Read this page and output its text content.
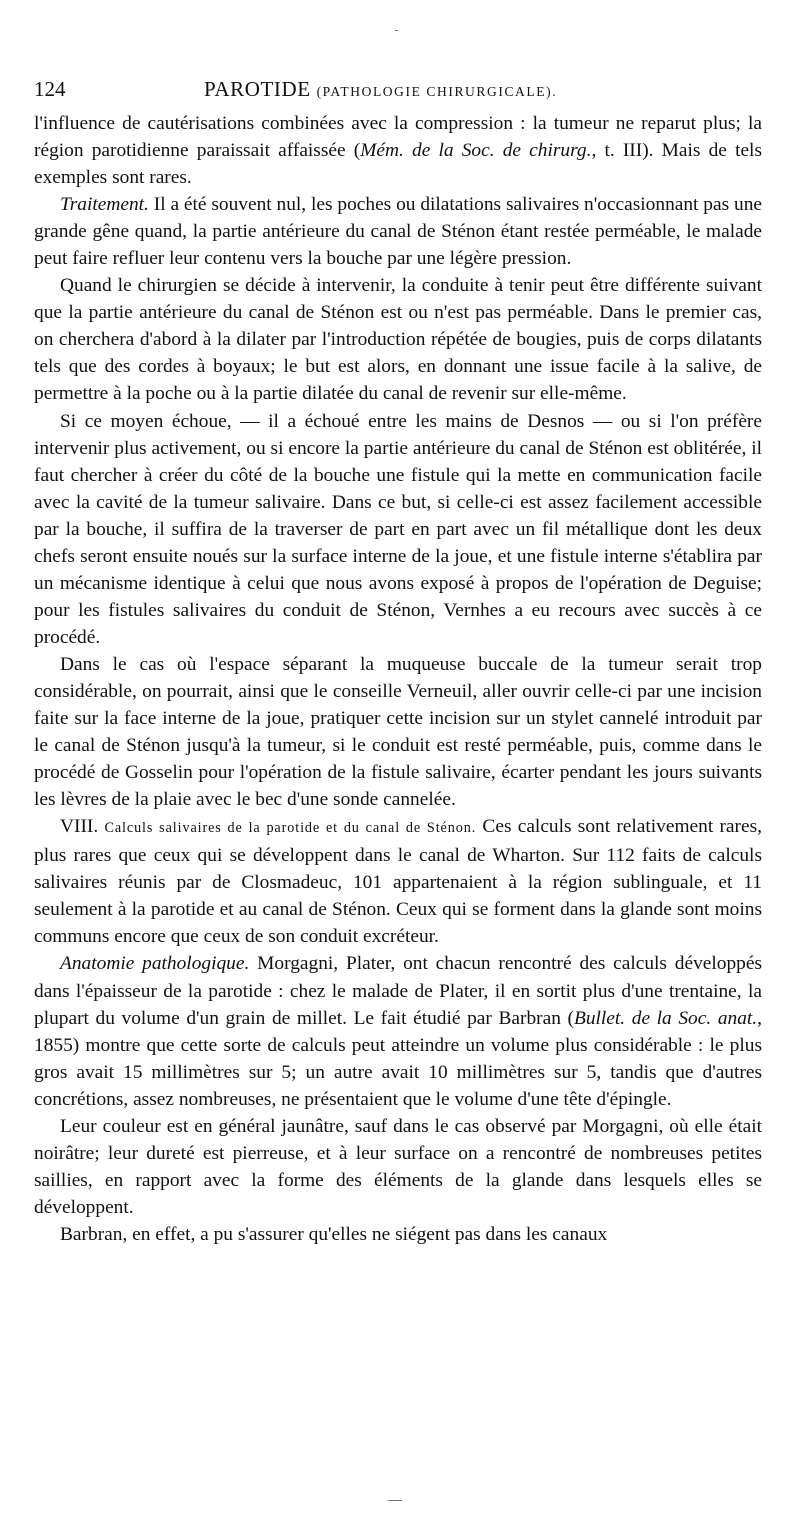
124	PAROTIDE (PATHOLOGIE CHIRURGICALE).

l'influence de cautérisations combinées avec la compression : la tumeur ne reparut plus; la région parotidienne paraissait affaissée (Mém. de la Soc. de chirurg., t. III). Mais de tels exemples sont rares.

Traitement. Il a été souvent nul, les poches ou dilatations salivaires n'occasionnant pas une grande gêne quand, la partie antérieure du canal de Sténon étant restée perméable, le malade peut faire refluer leur contenu vers la bouche par une légère pression.

Quand le chirurgien se décide à intervenir, la conduite à tenir peut être différente suivant que la partie antérieure du canal de Sténon est ou n'est pas perméable. Dans le premier cas, on cherchera d'abord à la dilater par l'introduction répétée de bougies, puis de corps dilatants tels que des cordes à boyaux; le but est alors, en donnant une issue facile à la salive, de permettre à la poche ou à la partie dilatée du canal de revenir sur elle-même.

Si ce moyen échoue, — il a échoué entre les mains de Desnos — ou si l'on préfère intervenir plus activement, ou si encore la partie antérieure du canal de Sténon est oblitérée, il faut chercher à créer du côté de la bouche une fistule qui la mette en communication facile avec la cavité de la tumeur salivaire. Dans ce but, si celle-ci est assez facilement accessible par la bouche, il suffira de la traverser de part en part avec un fil métallique dont les deux chefs seront ensuite noués sur la surface interne de la joue, et une fistule interne s'établira par un mécanisme identique à celui que nous avons exposé à propos de l'opération de Deguise; pour les fistules salivaires du conduit de Sténon, Vernhes a eu recours avec succès à ce procédé.

Dans le cas où l'espace séparant la muqueuse buccale de la tumeur serait trop considérable, on pourrait, ainsi que le conseille Verneuil, aller ouvrir celle-ci par une incision faite sur la face interne de la joue, pratiquer cette incision sur un stylet cannelé introduit par le canal de Sténon jusqu'à la tumeur, si le conduit est resté perméable, puis, comme dans le procédé de Gosselin pour l'opération de la fistule salivaire, écarter pendant les jours suivants les lèvres de la plaie avec le bec d'une sonde cannelée.

VIII. Calculs salivaires de la parotide et du canal de Sténon. Ces calculs sont relativement rares, plus rares que ceux qui se développent dans le canal de Wharton. Sur 112 faits de calculs salivaires réunis par de Closmadeuc, 101 appartenaient à la région sublinguale, et 11 seulement à la parotide et au canal de Sténon. Ceux qui se forment dans la glande sont moins communs encore que ceux de son conduit excréteur.

Anatomie pathologique. Morgagni, Plater, ont chacun rencontré des calculs développés dans l'épaisseur de la parotide : chez le malade de Plater, il en sortit plus d'une trentaine, la plupart du volume d'un grain de millet. Le fait étudié par Barbran (Bullet. de la Soc. anat., 1855) montre que cette sorte de calculs peut atteindre un volume plus considérable : le plus gros avait 15 millimètres sur 5; un autre avait 10 millimètres sur 5, tandis que d'autres concrétions, assez nombreuses, ne présentaient que le volume d'une tête d'épingle.

Leur couleur est en général jaunâtre, sauf dans le cas observé par Morgagni, où elle était noirâtre; leur dureté est pierreuse, et à leur surface on a rencontré de nombreuses petites saillies, en rapport avec la forme des éléments de la glande dans lesquels elles se développent.

Barbran, en effet, a pu s'assurer qu'elles ne siégent pas dans les canaux
